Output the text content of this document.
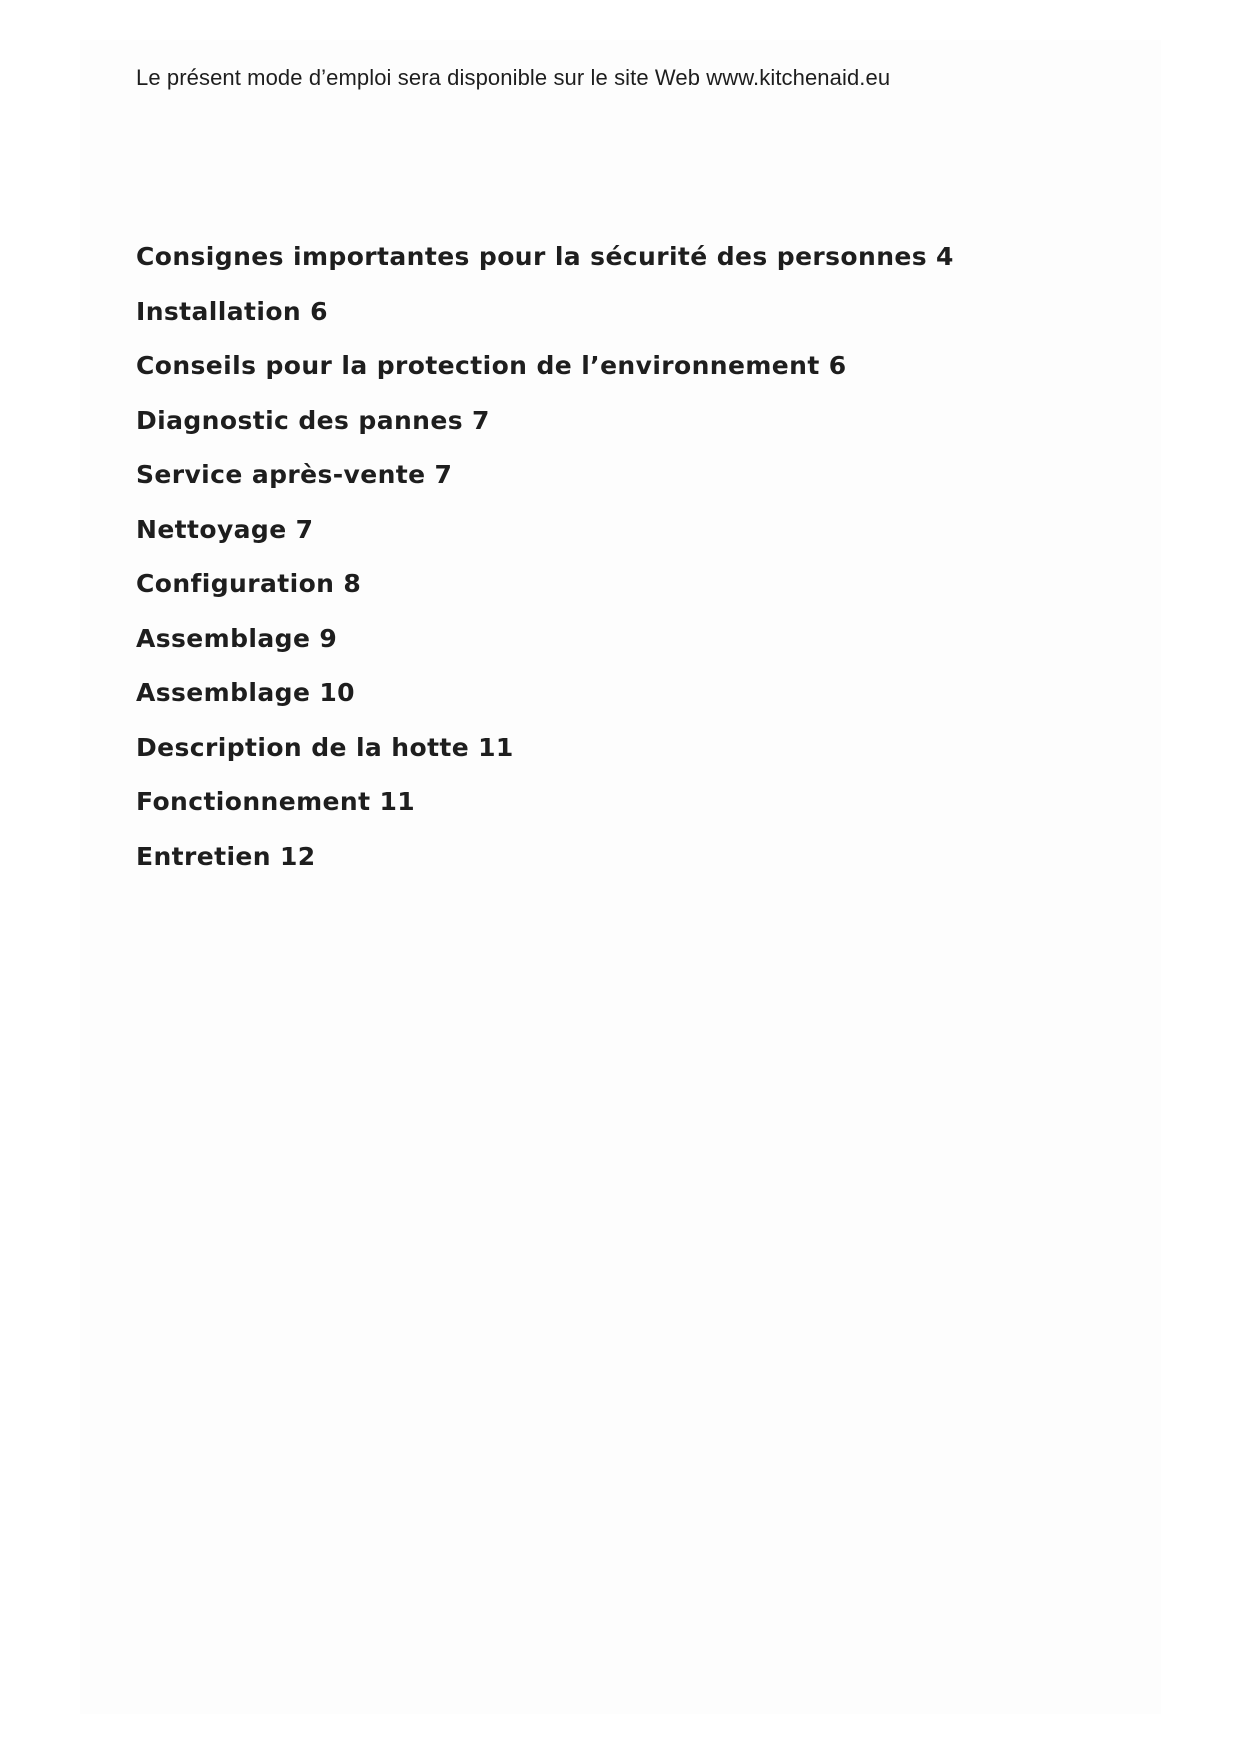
Le présent mode d’emploi sera disponible sur le site Web www.kitchenaid.eu

Consignes importantes pour la sécurité des personnes 4
Installation 6
Conseils pour la protection de l’environnement 6
Diagnostic des pannes 7
Service après-vente 7
Nettoyage 7
Configuration 8
Assemblage 9
Assemblage 10
Description de la hotte 11
Fonctionnement 11
Entretien 12
